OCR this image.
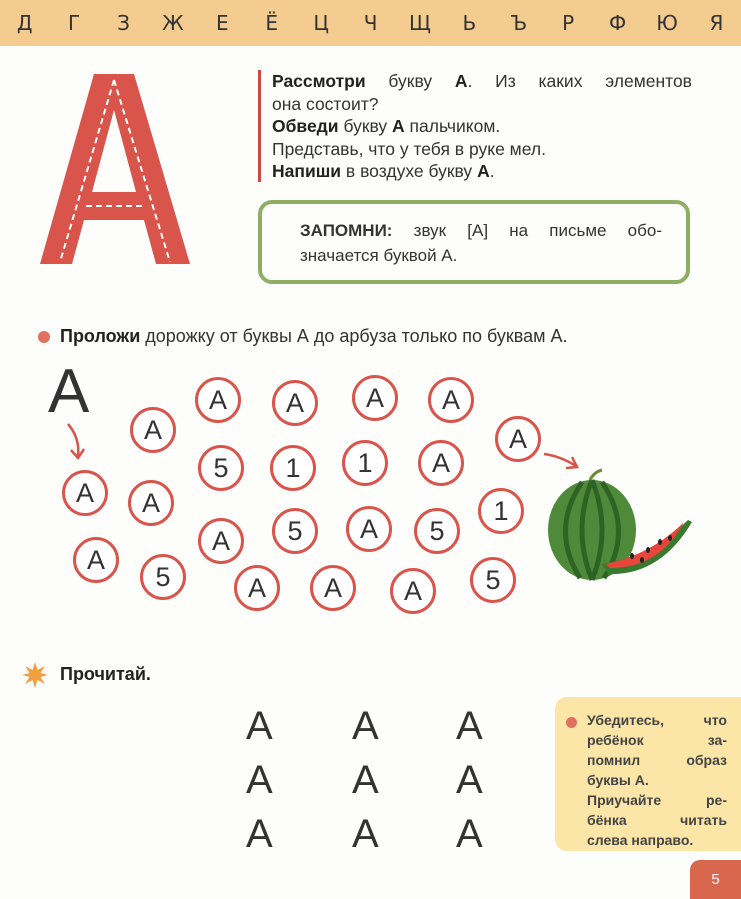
Д	Г	З	Ж	Е	Ё	Ц	Ч	Щ	Ь	Ъ	Р	Ф	Ю	Я

Рассмотри букву А. Из каких элементов

она состоит?

Обведи букву А пальчиком.

Представь, что у тебя в руке мел.

Напиши в воздухе букву А.

ЗАПОМНИ: звук [А] на письме обо-

значается буквой А.

Проложи дорожку от буквы А до арбуза только по буквам А.
А
А
А	А	А	А
А
А
5	1	1	А
А
А
А	5	А	5
1
5	А	А	А	5
Прочитай.
А А А
А А А
А А А

Убедитесь, что

ребёнок за-

помнил образ

буквы А.

Приучайте ре-

бёнка читать

слева направо.

5
